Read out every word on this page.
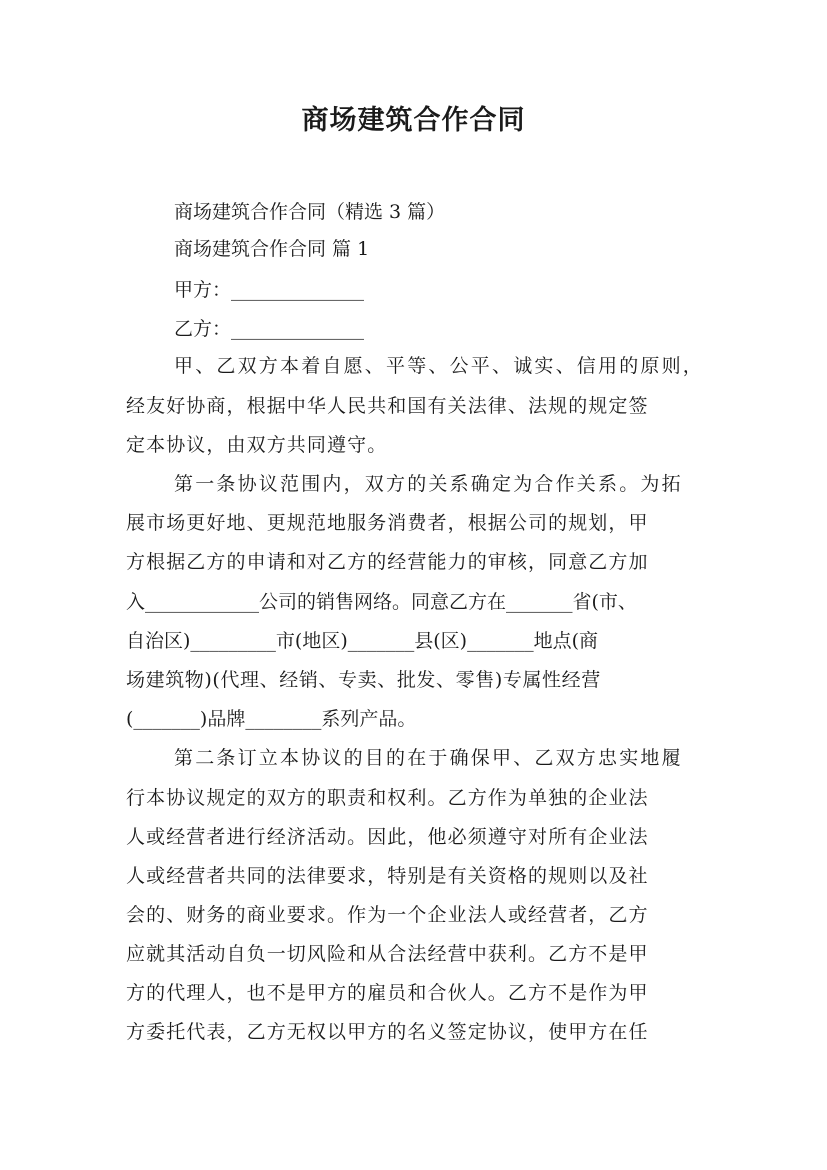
商场建筑合作合同
商场建筑合作合同（精选 3 篇）
商场建筑合作合同 篇 1
甲方：______________
乙方：______________
甲、乙双方本着自愿、平等、公平、诚实、信用的原则，
经友好协商，根据中华人民共和国有关法律、法规的规定签
定本协议，由双方共同遵守。
第一条协议范围内，双方的关系确定为合作关系。为拓
展市场更好地、更规范地服务消费者，根据公司的规划，甲
方根据乙方的申请和对乙方的经营能力的审核，同意乙方加
入____________公司的销售网络。同意乙方在_______省(市、
自治区)_________市(地区)_______县(区)_______地点(商
场建筑物)(代理、经销、专卖、批发、零售)专属性经营
(_______)品牌________系列产品。
第二条订立本协议的目的在于确保甲、乙双方忠实地履
行本协议规定的双方的职责和权利。乙方作为单独的企业法
人或经营者进行经济活动。因此，他必须遵守对所有企业法
人或经营者共同的法律要求，特别是有关资格的规则以及社
会的、财务的商业要求。作为一个企业法人或经营者，乙方
应就其活动自负一切风险和从合法经营中获利。乙方不是甲
方的代理人，也不是甲方的雇员和合伙人。乙方不是作为甲
方委托代表，乙方无权以甲方的名义签定协议，使甲方在任
